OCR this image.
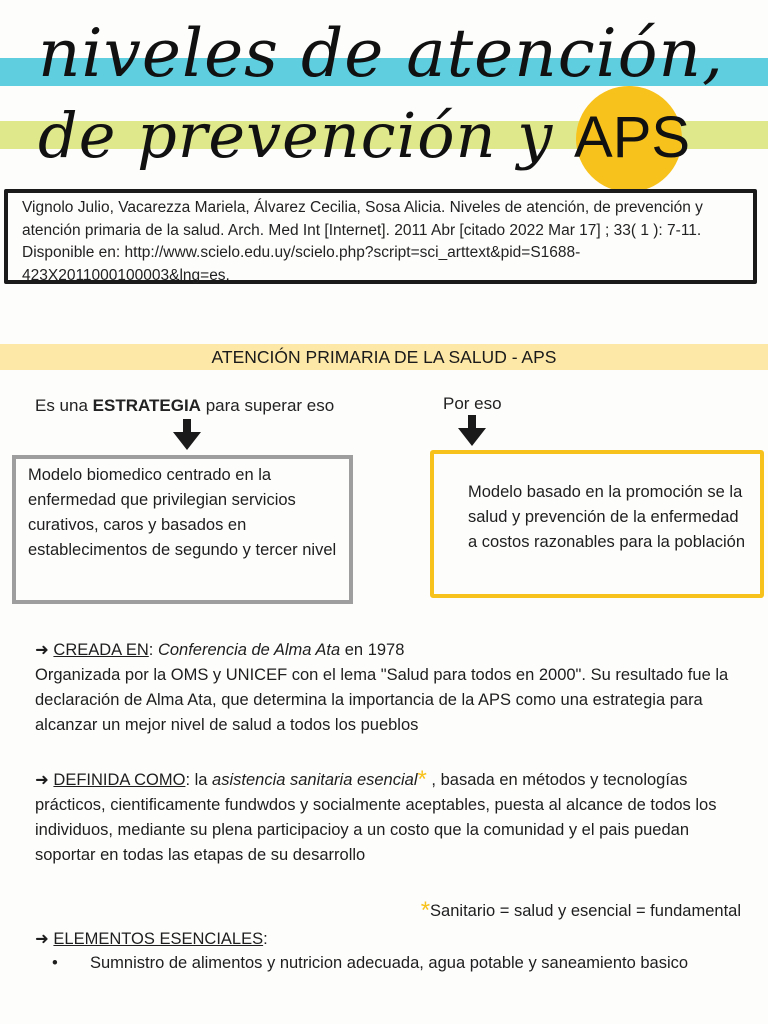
niveles de atención,
de prevención y APS
Vignolo Julio, Vacarezza Mariela, Álvarez Cecilia, Sosa Alicia. Niveles de atención, de prevención y atención primaria de la salud. Arch. Med Int [Internet]. 2011 Abr [citado 2022 Mar 17] ; 33( 1 ): 7-11. Disponible en: http://www.scielo.edu.uy/scielo.php?script=sci_arttext&pid=S1688-423X2011000100003&lng=es.
ATENCIÓN PRIMARIA DE LA SALUD - APS
Es una ESTRATEGIA para superar eso	Por eso
Modelo biomedico centrado en la enfermedad que privilegian servicios curativos, caros y basados en establecimentos de segundo y tercer nivel
Modelo basado en la promoción se la salud y prevención de la enfermedad a costos razonables para la población
➜ CREADA EN: Conferencia de Alma Ata en 1978
Organizada por la OMS y UNICEF con el lema "Salud para todos en 2000". Su resultado fue la declaración de Alma Ata, que determina la importancia de la APS como una estrategia para alcanzar un mejor nivel de salud a todos los pueblos
➜ DEFINIDA COMO: la asistencia sanitaria esencial* , basada en métodos y tecnologías prácticos, cientificamente fundwdos y socialmente aceptables, puesta al alcance de todos los individuos, mediante su plena participacioy a un costo que la comunidad y el pais puedan soportar en todas las etapas de su desarrollo
*Sanitario = salud y esencial = fundamental
➜ ELEMENTOS ESENCIALES:
• Sumnistro de alimentos y nutricion adecuada, agua potable y saneamiento basico
